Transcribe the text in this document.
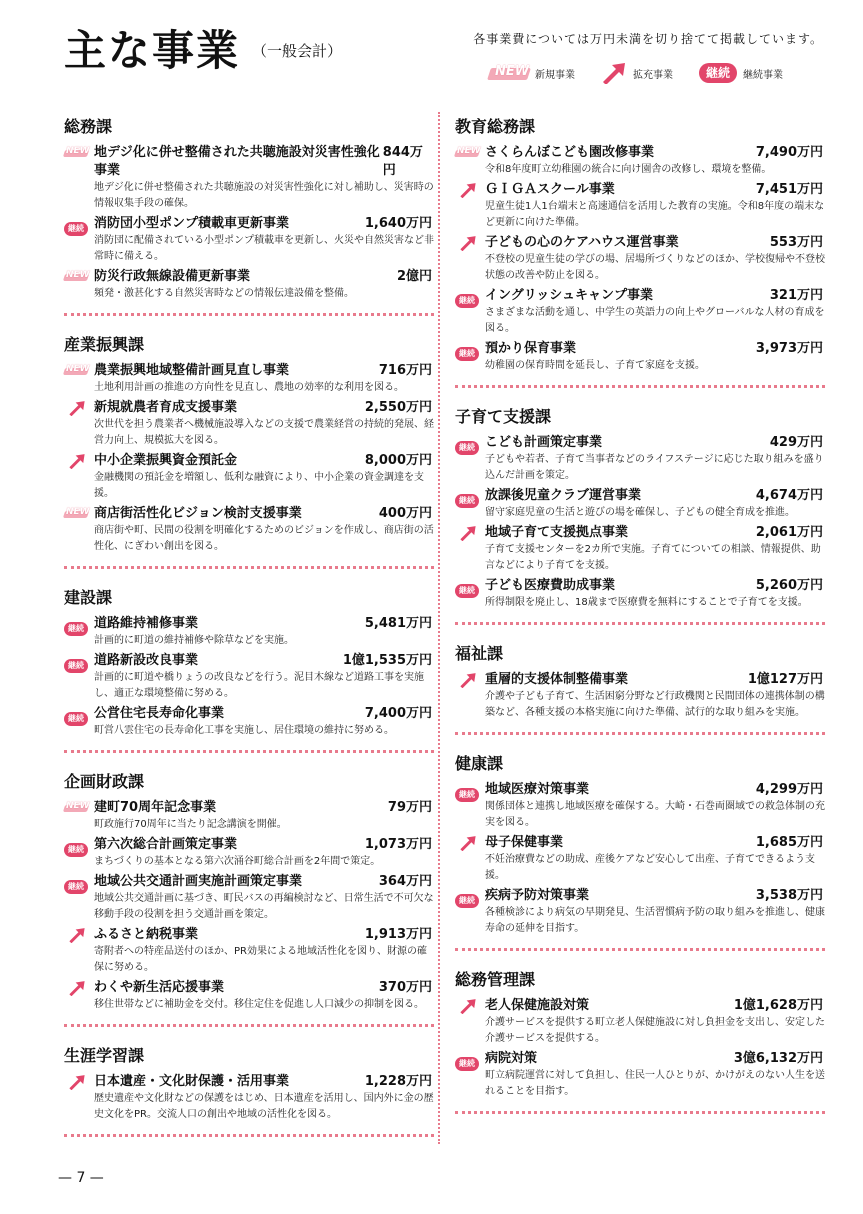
主な事業 （一般会計）
各事業費については万円未満を切り捨てて掲載しています。
NEW 新規事業	拡充事業	継続	継続事業
総務課
NEW 地デジ化に併せ整備された共聴施設対災害性強化事業
844万円

地デジ化に併せ整備された共聴施設の対災害性強化に対し補助し、災害時の情報収集手段の確保。

継続 消防団小型ポンプ積載車更新事業	1,640万円

消防団に配備されている小型ポンプ積載車を更新し、火災や自然災害など非常時に備える。

NEW 防災行政無線設備更新事業	2億円

頻発・激甚化する自然災害時などの情報伝達設備を整備。

産業振興課
NEW 農業振興地域整備計画見直し事業	716万円

土地利用計画の推進の方向性を見直し、農地の効率的な利用を図る。

新規就農者育成支援事業	2,550万円

次世代を担う農業者へ機械施設導入などの支援で農業経営の持続的発展、経営力向上、規模拡大を図る。

中小企業振興資金預託金	8,000万円

金融機関の預託金を増額し、低利な融資により、中小企業の資金調達を支援。

NEW 商店街活性化ビジョン検討支援事業	400万円

商店街や町、民間の役割を明確化するためのビジョンを作成し、商店街の活性化、にぎわい創出を図る。

建設課
継続 道路維持補修事業	5,481万円

計画的に町道の維持補修や除草などを実施。

継続 道路新設改良事業	1億1,535万円

計画的に町道や橋りょうの改良などを行う。泥目木線など道路工事を実施し、適正な環境整備に努める。

継続 公営住宅長寿命化事業	7,400万円

町営八雲住宅の長寿命化工事を実施し、居住環境の維持に努める。

企画財政課
NEW 建町70周年記念事業	79万円

町政施行70周年に当たり記念講演を開催。

継続 第六次総合計画策定事業	1,073万円

まちづくりの基本となる第六次涌谷町総合計画を2年間で策定。

継続 地域公共交通計画実施計画策定事業	364万円

地域公共交通計画に基づき、町民バスの再編検討など、日常生活で不可欠な移動手段の役割を担う交通計画を策定。

ふるさと納税事業	1,913万円

寄附者への特産品送付のほか、PR効果による地域活性化を図り、財源の確保に努める。

わくや新生活応援事業	370万円

移住世帯などに補助金を交付。移住定住を促進し人口減少の抑制を図る。

生涯学習課
日本遺産・文化財保護・活用事業	1,228万円

歴史遺産や文化財などの保護をはじめ、日本遺産を活用し、国内外に金の歴史文化をPR。交流人口の創出や地域の活性化を図る。

教育総務課
NEW さくらんぼこども園改修事業	7,490万円

令和8年度町立幼稚園の統合に向け園舎の改修し、環境を整備。

ＧＩＧＡスクール事業	7,451万円

児童生徒1人1台端末と高速通信を活用した教育の実施。令和8年度の端末など更新に向けた準備。

子どもの心のケアハウス運営事業	553万円

不登校の児童生徒の学びの場、居場所づくりなどのほか、学校復帰や不登校状態の改善や防止を図る。

継続 イングリッシュキャンプ事業	321万円

さまざまな活動を通し、中学生の英語力の向上やグローバルな人材の育成を図る。

継続 預かり保育事業	3,973万円

幼稚園の保育時間を延長し、子育て家庭を支援。

子育て支援課
継続 こども計画策定事業	429万円

子どもや若者、子育て当事者などのライフステージに応じた取り組みを盛り込んだ計画を策定。

継続 放課後児童クラブ運営事業	4,674万円

留守家庭児童の生活と遊びの場を確保し、子どもの健全育成を推進。

地域子育て支援拠点事業	2,061万円

子育て支援センターを2カ所で実施。子育てについての相談、情報提供、助言などにより子育てを支援。

継続 子ども医療費助成事業	5,260万円

所得制限を廃止し、18歳まで医療費を無料にすることで子育てを支援。

福祉課
重層的支援体制整備事業	1億127万円

介護や子ども子育て、生活困窮分野など行政機関と民間団体の連携体制の構築など、各種支援の本格実施に向けた準備、試行的な取り組みを実施。

健康課
継続 地域医療対策事業	4,299万円

関係団体と連携し地域医療を確保する。大崎・石巻両圏域での救急体制の充実を図る。

母子保健事業	1,685万円

不妊治療費などの助成、産後ケアなど安心して出産、子育てできるよう支援。

継続 疾病予防対策事業	3,538万円

各種検診により病気の早期発見、生活習慣病予防の取り組みを推進し、健康寿命の延伸を目指す。

総務管理課
老人保健施設対策	1億1,628万円

介護サービスを提供する町立老人保健施設に対し負担金を支出し、安定した介護サービスを提供する。

継続 病院対策	3億6,132万円

町立病院運営に対して負担し、住民一人ひとりが、かけがえのない人生を送れることを目指す。

— 7 —
